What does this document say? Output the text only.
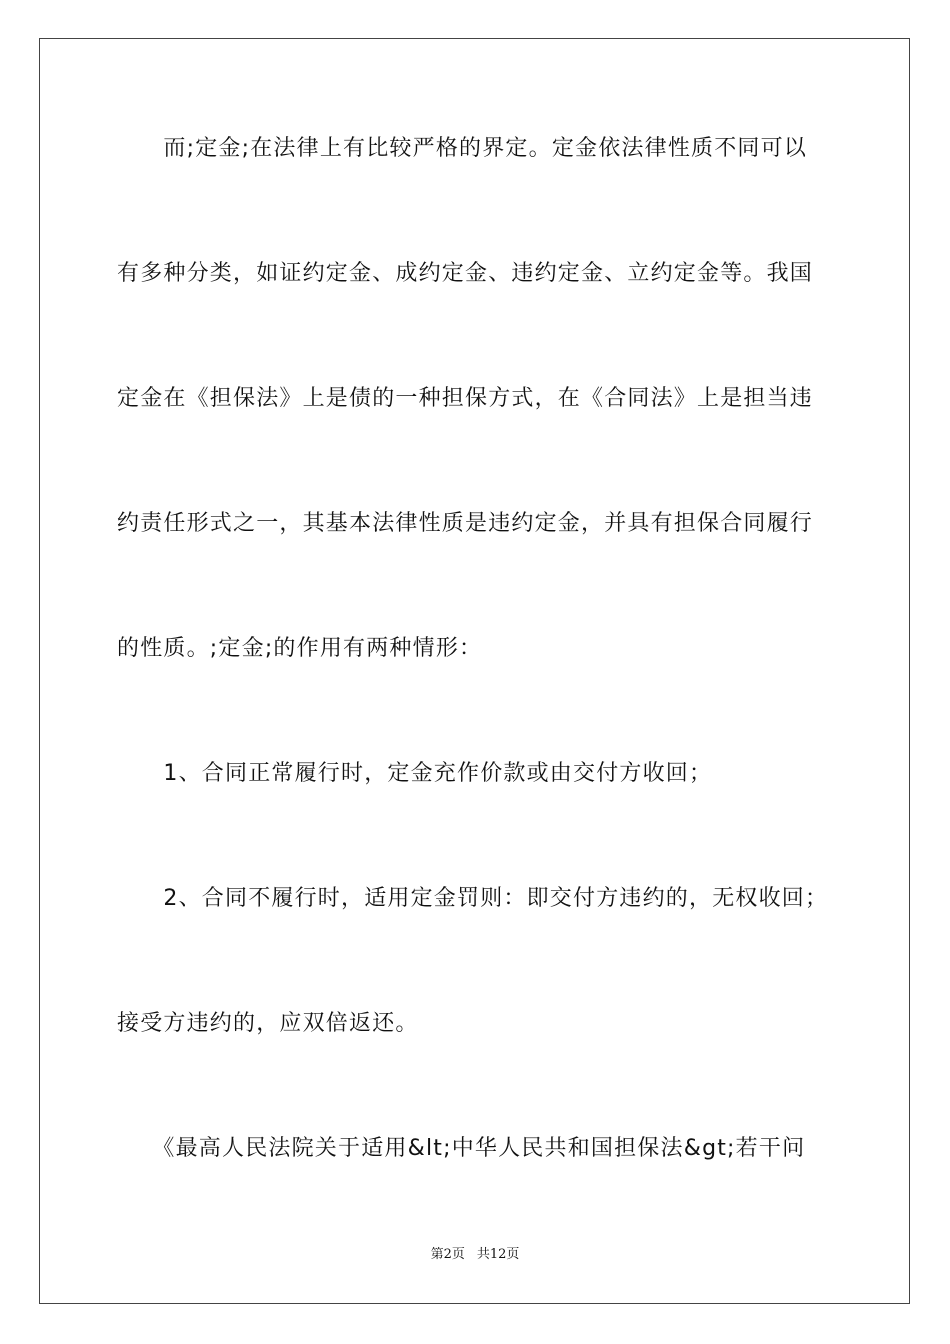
　　而;定金;在法律上有比较严格的界定。定金依法律性质不同可以
有多种分类，如证约定金、成约定金、违约定金、立约定金等。我国
定金在《担保法》上是债的一种担保方式，在《合同法》上是担当违
约责任形式之一，其基本法律性质是违约定金，并具有担保合同履行
的性质。;定金;的作用有两种情形：
　　1、合同正常履行时，定金充作价款或由交付方收回；
　　2、合同不履行时，适用定金罚则：即交付方违约的，无权收回；
接受方违约的，应双倍返还。
　　《最高人民法院关于适用&lt;中华人民共和国担保法&gt;若干问
第2页 共12页
